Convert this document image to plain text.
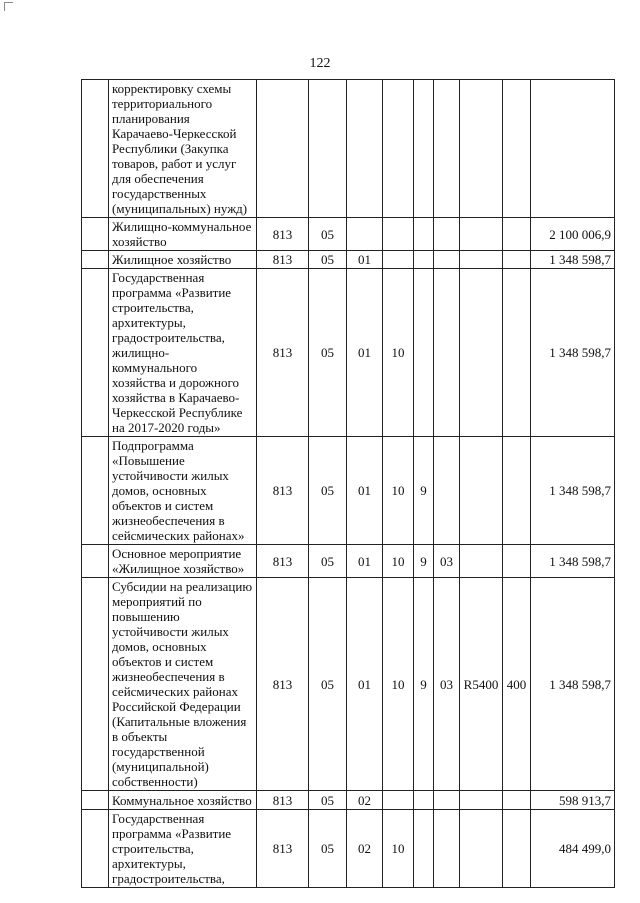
122
	корректировку схемы территориального планирования Карачаево-Черкесской Республики (Закупка товаров, работ и услуг для обеспечения государственных (муниципальных) нужд)									
	Жилищно-коммунальное хозяйство	813	05							2 100 006,9
	Жилищное хозяйство	813	05	01						1 348 598,7
	Государственная программа «Развитие строительства, архитектуры, градостроительства, жилищно-коммунального хозяйства и дорожного хозяйства в Карачаево-Черкесской Республике на 2017-2020 годы»	813	05	01	10					1 348 598,7
	Подпрограмма «Повышение устойчивости жилых домов, основных объектов и систем жизнеобеспечения в сейсмических районах»	813	05	01	10	9				1 348 598,7
	Основное мероприятие «Жилищное хозяйство»	813	05	01	10	9	03			1 348 598,7
	Субсидии на реализацию мероприятий по повышению устойчивости жилых домов, основных объектов и систем жизнеобеспечения в сейсмических районах Российской Федерации (Капитальные вложения в объекты государственной (муниципальной) собственности)	813	05	01	10	9	03	R5400	400	1 348 598,7
	Коммунальное хозяйство	813	05	02						598 913,7
	Государственная программа «Развитие строительства, архитектуры, градостроительства,	813	05	02	10					484 499,0
